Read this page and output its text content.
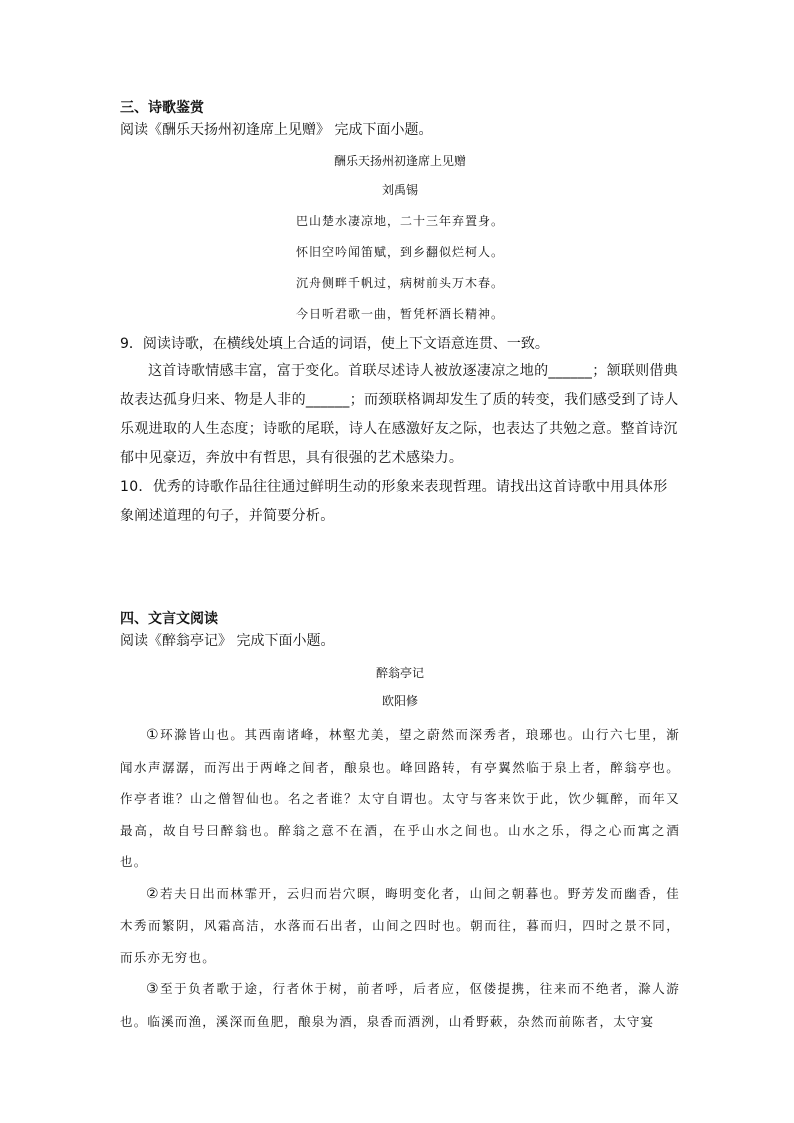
三、诗歌鉴赏

阅读《酬乐天扬州初逢席上见赠》 完成下面小题。

酬乐天扬州初逢席上见赠

刘禹锡

巴山楚水凄凉地，二十三年弃置身。

怀旧空吟闻笛赋，到乡翻似烂柯人。

沉舟侧畔千帆过，病树前头万木春。

今日听君歌一曲，暂凭杯酒长精神。

9．阅读诗歌，在横线处填上合适的词语，使上下文语意连贯、一致。

这首诗歌情感丰富，富于变化。首联尽述诗人被放逐凄凉之地的______；颔联则借典故表达孤身归来、物是人非的______；而颈联格调却发生了质的转变，我们感受到了诗人乐观进取的人生态度；诗歌的尾联，诗人在感激好友之际，也表达了共勉之意。整首诗沉郁中见豪迈，奔放中有哲思，具有很强的艺术感染力。

10．优秀的诗歌作品往往通过鲜明生动的形象来表现哲理。请找出这首诗歌中用具体形象阐述道理的句子，并简要分析。

四、文言文阅读

阅读《醉翁亭记》 完成下面小题。

醉翁亭记

欧阳修

①环滁皆山也。其西南诸峰，林壑尤美，望之蔚然而深秀者，琅琊也。山行六七里，渐闻水声潺潺，而泻出于两峰之间者，酿泉也。峰回路转，有亭翼然临于泉上者，醉翁亭也。作亭者谁？山之僧智仙也。名之者谁？太守自谓也。太守与客来饮于此，饮少辄醉，而年又最高，故自号曰醉翁也。醉翁之意不在酒，在乎山水之间也。山水之乐，得之心而寓之酒也。

②若夫日出而林霏开，云归而岩穴暝，晦明变化者，山间之朝暮也。野芳发而幽香，佳木秀而繁阴，风霜高洁，水落而石出者，山间之四时也。朝而往，暮而归，四时之景不同，而乐亦无穷也。

③至于负者歌于途，行者休于树，前者呼，后者应，伛偻提携，往来而不绝者，滁人游也。临溪而渔，溪深而鱼肥，酿泉为酒，泉香而酒洌，山肴野蔌，杂然而前陈者，太守宴
